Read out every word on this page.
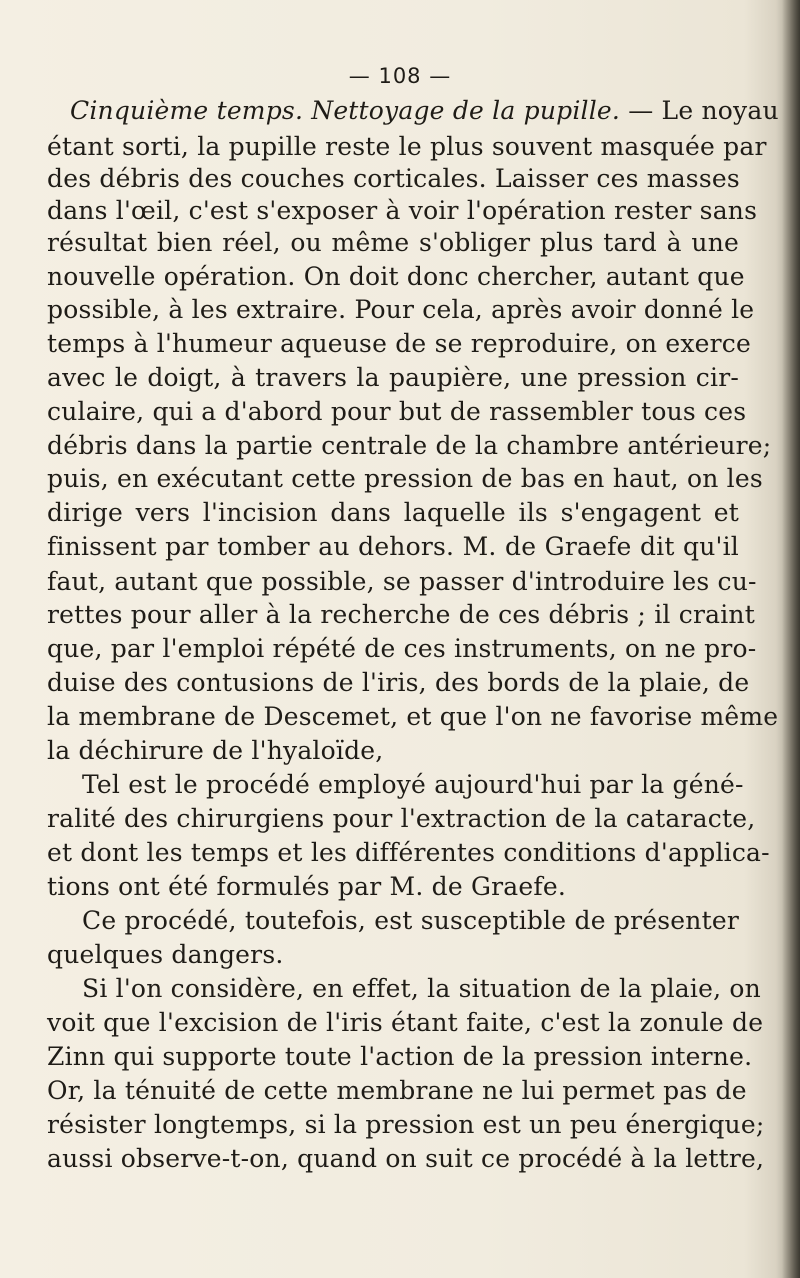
— 108 —
Cinquième temps. Nettoyage de la pupille. — Le noyau
étant sorti, la pupille reste le plus souvent masquée par
des débris des couches corticales. Laisser ces masses
dans l'œil, c'est s'exposer à voir l'opération rester sans
résultat bien réel, ou même s'obliger plus tard à une
nouvelle opération. On doit donc chercher, autant que
possible, à les extraire. Pour cela, après avoir donné le
temps à l'humeur aqueuse de se reproduire, on exerce
avec le doigt, à travers la paupière, une pression cir-
culaire, qui a d'abord pour but de rassembler tous ces
débris dans la partie centrale de la chambre antérieure;
puis, en exécutant cette pression de bas en haut, on les
dirige vers l'incision dans laquelle ils s'engagent et
finissent par tomber au dehors. M. de Graefe dit qu'il
faut, autant que possible, se passer d'introduire les cu-
rettes pour aller à la recherche de ces débris ; il craint
que, par l'emploi répété de ces instruments, on ne pro-
duise des contusions de l'iris, des bords de la plaie, de
la membrane de Descemet, et que l'on ne favorise même
la déchirure de l'hyaloïde,
Tel est le procédé employé aujourd'hui par la géné-
ralité des chirurgiens pour l'extraction de la cataracte,
et dont les temps et les différentes conditions d'applica-
tions ont été formulés par M. de Graefe.
Ce procédé, toutefois, est susceptible de présenter
quelques dangers.
Si l'on considère, en effet, la situation de la plaie, on
voit que l'excision de l'iris étant faite, c'est la zonule de
Zinn qui supporte toute l'action de la pression interne.
Or, la ténuité de cette membrane ne lui permet pas de
résister longtemps, si la pression est un peu énergique;
aussi observe-t-on, quand on suit ce procédé à la lettre,
